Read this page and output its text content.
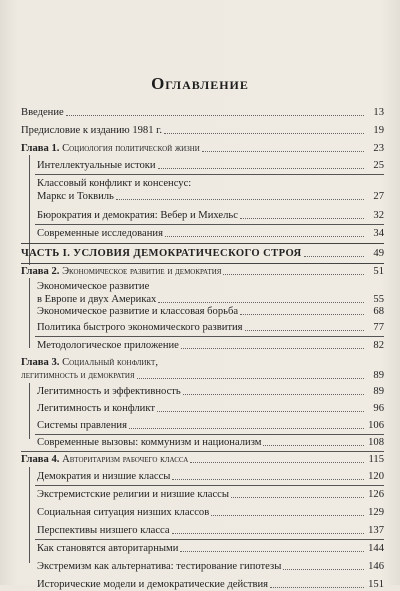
Оглавление
Введение	13
Предисловие к изданию 1981 г.	19
Глава 1. Социология политической жизни	23
Интеллектуальные истоки	25
Классовый конфликт и консенсус:
Маркс и Токвиль	27
Бюрократия и демократия: Вебер и Михельс	32
Современные исследования	34
ЧАСТЬ I. УСЛОВИЯ ДЕМОКРАТИЧЕСКОГО СТРОЯ	49
Глава 2. Экономическое развитие и демократия	51
Экономическое развитие
в Европе и двух Америках	55
Экономическое развитие и классовая борьба	68
Политика быстрого экономического развития	77
Методологическое приложение	82
Глава 3. Социальный конфликт,
легитимность и демократия	89
Легитимность и эффективность	89
Легитимность и конфликт	96
Системы правления	106
Современные вызовы: коммунизм и национализм	108
Глава 4. Авторитаризм рабочего класса	115
Демократия и низшие классы	120
Экстремистские религии и низшие классы	126
Социальная ситуация низших классов	129
Перспективы низшего класса	137
Как становятся авторитарными	144
Экстремизм как альтернатива: тестирование гипотезы	146
Исторические модели и демократические действия	151
